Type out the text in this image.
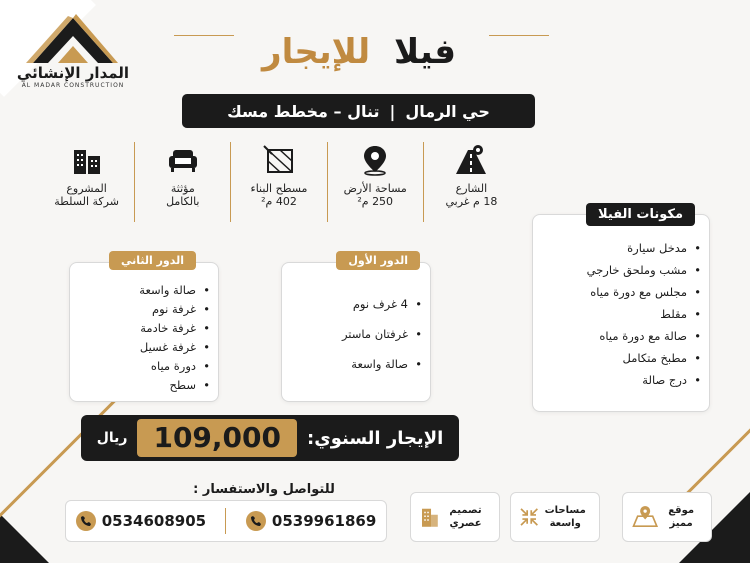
المدار الإنشائي
AL MADAR CONSTRUCTION
فيلا للإيجار
حي الرمال
|
تنال – مخطط مسك
الشارع
18 م غربي
مساحة الأرض
250 م²
مسطح البناء
402 م²
مؤثثة
بالكامل
المشروع
شركة السلطة
مكونات الفيلا
• مدخل سيارة
• مشب وملحق خارجي
• مجلس مع دورة مياه
• مقلط
• صالة مع دورة مياه
• مطبخ متكامل
• درج صالة
الدور الأول
• 4 غرف نوم
• غرفتان ماستر
• صالة واسعة
الدور الثاني
• صالة واسعة
• غرفة نوم
• غرفة خادمة
• غرفة غسيل
• دورة مياه
• سطح
الإيجار السنوي:
109,000
ريال
للتواصل والاستفسار :
0534608905	0539961869
موقع مميز
مساحات واسعة
تصميم عصري
